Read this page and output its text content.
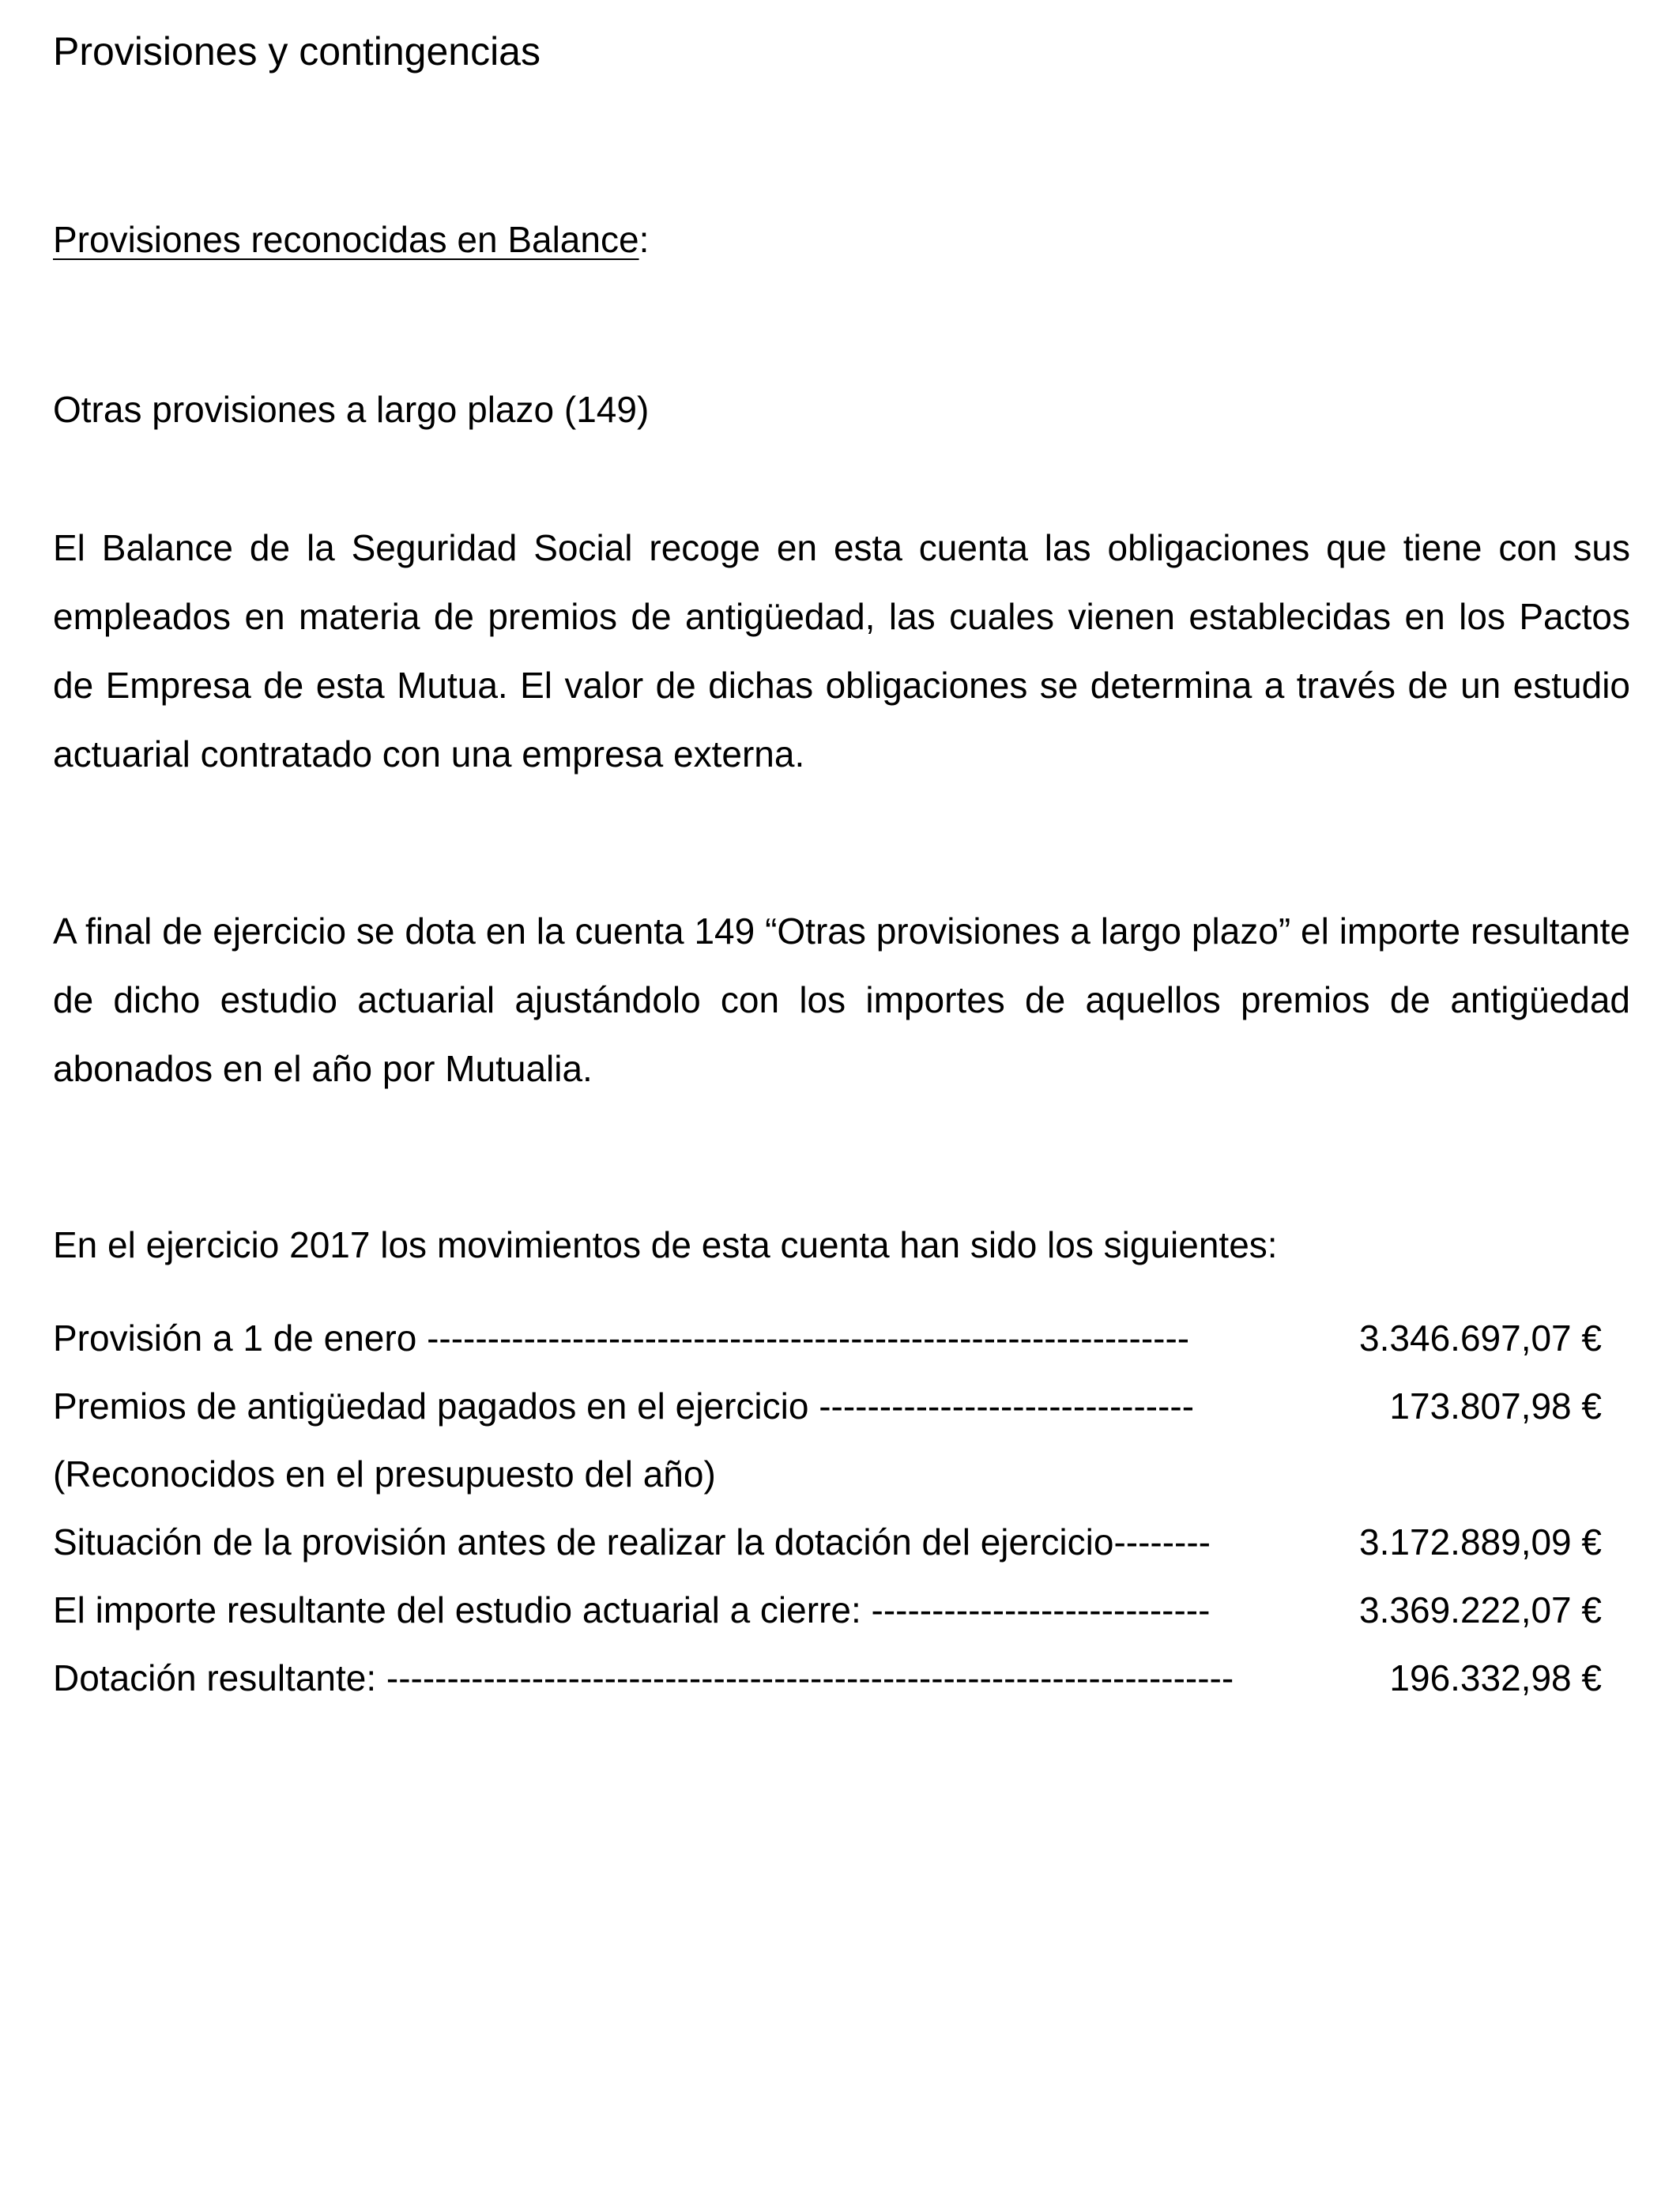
Provisiones y contingencias
Provisiones reconocidas en Balance:
Otras provisiones a largo plazo (149)
El Balance de la Seguridad Social recoge en esta cuenta las obligaciones que tiene con sus empleados en materia de premios de antigüedad, las cuales vienen establecidas en los Pactos de Empresa de esta Mutua. El valor de dichas obligaciones se determina a través de un estudio actuarial contratado con una empresa externa.
A final de ejercicio se dota en la cuenta 149 “Otras provisiones a largo plazo” el importe resultante de dicho estudio actuarial ajustándolo con los importes de aquellos premios de antigüedad abonados en el año por Mutualia.
En el ejercicio 2017 los movimientos de esta cuenta han sido los siguientes:
Provisión a 1 de enero ---------------------------------------------------------------	3.346.697,07 €
Premios de antigüedad pagados en el ejercicio -------------------------------	173.807,98 €
(Reconocidos en el presupuesto del año)
Situación de la provisión antes de realizar la dotación del ejercicio--------	3.172.889,09 €
El importe resultante del estudio actuarial a cierre: ----------------------------	3.369.222,07 €
Dotación resultante: ----------------------------------------------------------------------	196.332,98 €
